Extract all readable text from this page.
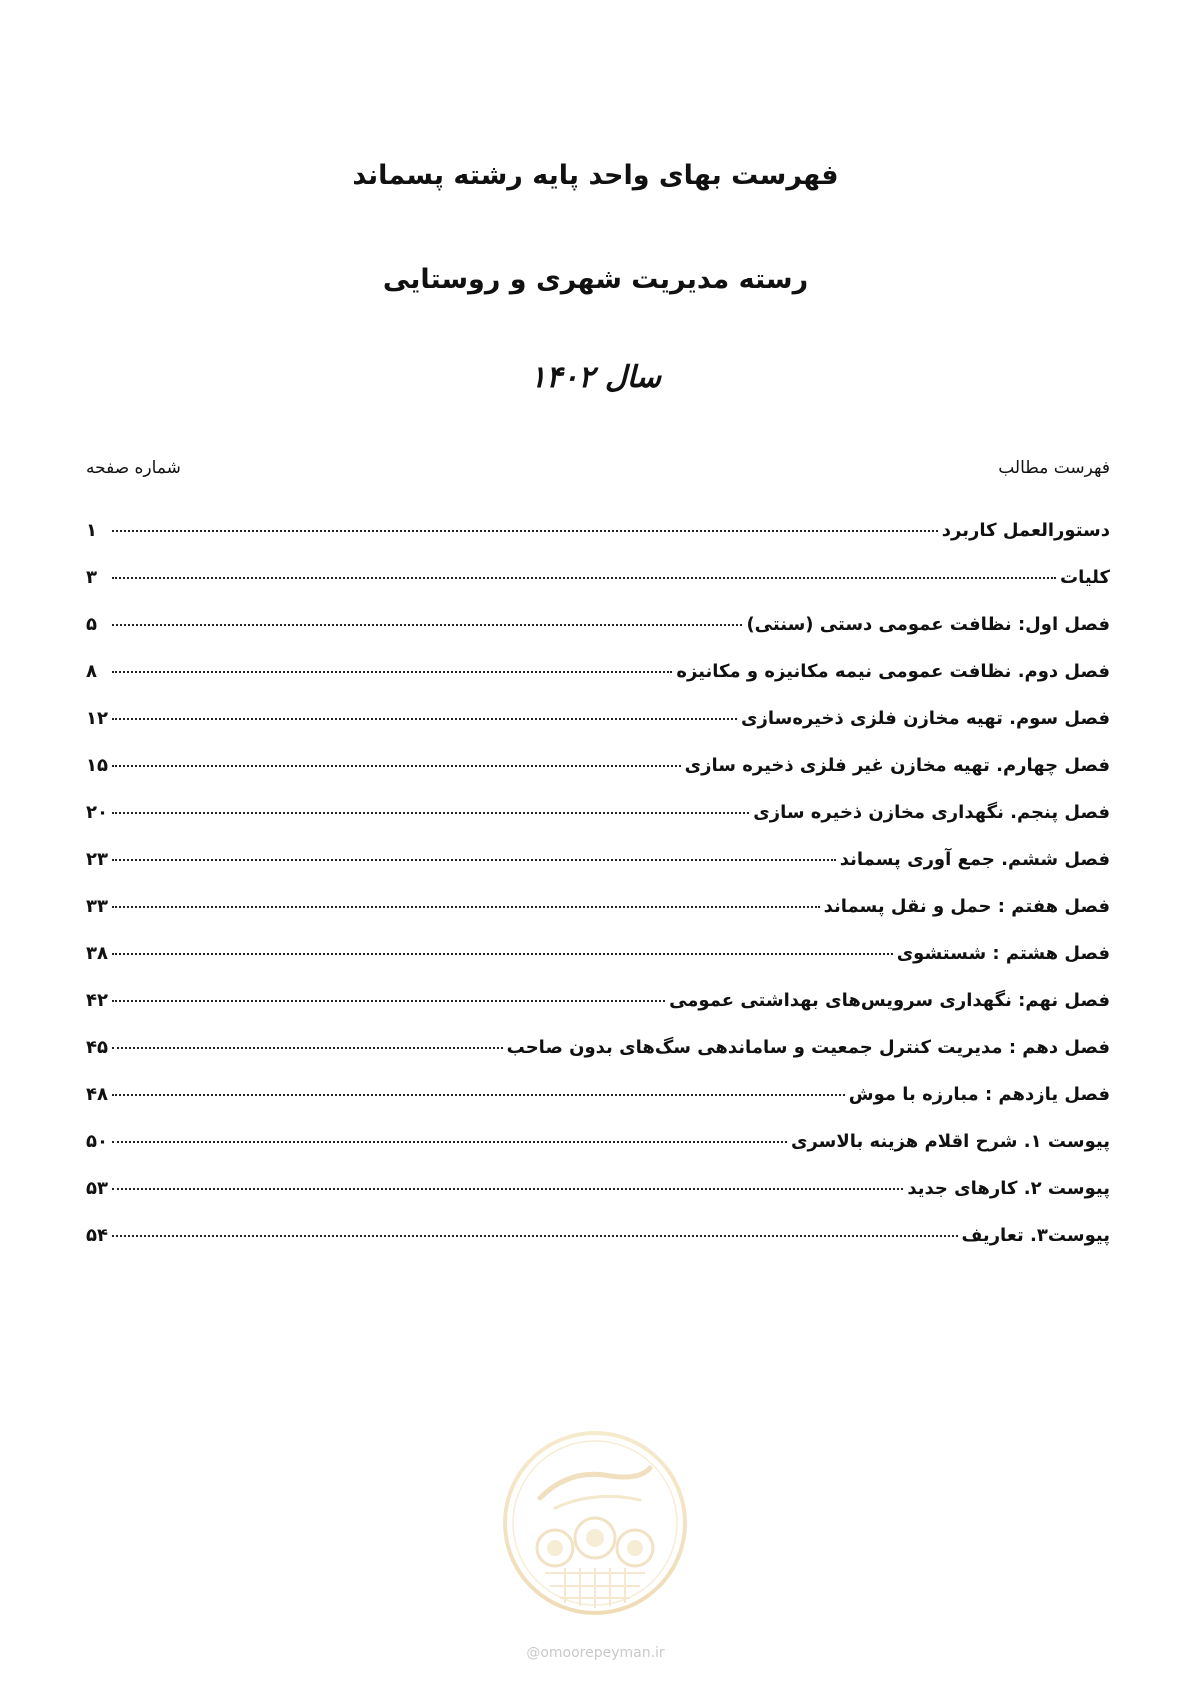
فهرست بهای واحد پایه رشته پسماند
رسته مدیریت شهری و روستایی
سال ۱۴۰۲
فهرست مطالب
شماره صفحه
دستورالعمل کاربرد
۱
کلیات
۳
فصل اول: نظافت عمومی دستی (سنتی)
۵
فصل دوم. نظافت عمومی نیمه مکانیزه و مکانیزه
۸
فصل سوم. تهیه مخازن فلزی ذخیره‌سازی
۱۲
فصل چهارم. تهیه مخازن غیر فلزی ذخیره سازی
۱۵
فصل پنجم. نگهداری مخازن ذخیره سازی
۲۰
فصل ششم. جمع آوری پسماند
۲۳
فصل هفتم : حمل و نقل پسماند
۳۳
فصل هشتم : شستشوی
۳۸
فصل نهم: نگهداری سرویس‌های بهداشتی عمومی
۴۲
فصل دهم : مدیریت کنترل جمعیت و ساماندهی سگ‌های بدون صاحب
۴۵
فصل یازدهم : مبارزه با موش
۴۸
پیوست ۱. شرح اقلام هزینه بالاسری
۵۰
پیوست ۲. کارهای جدید
۵۳
پیوست۳. تعاریف
۵۴
@omoorepeyman.ir
